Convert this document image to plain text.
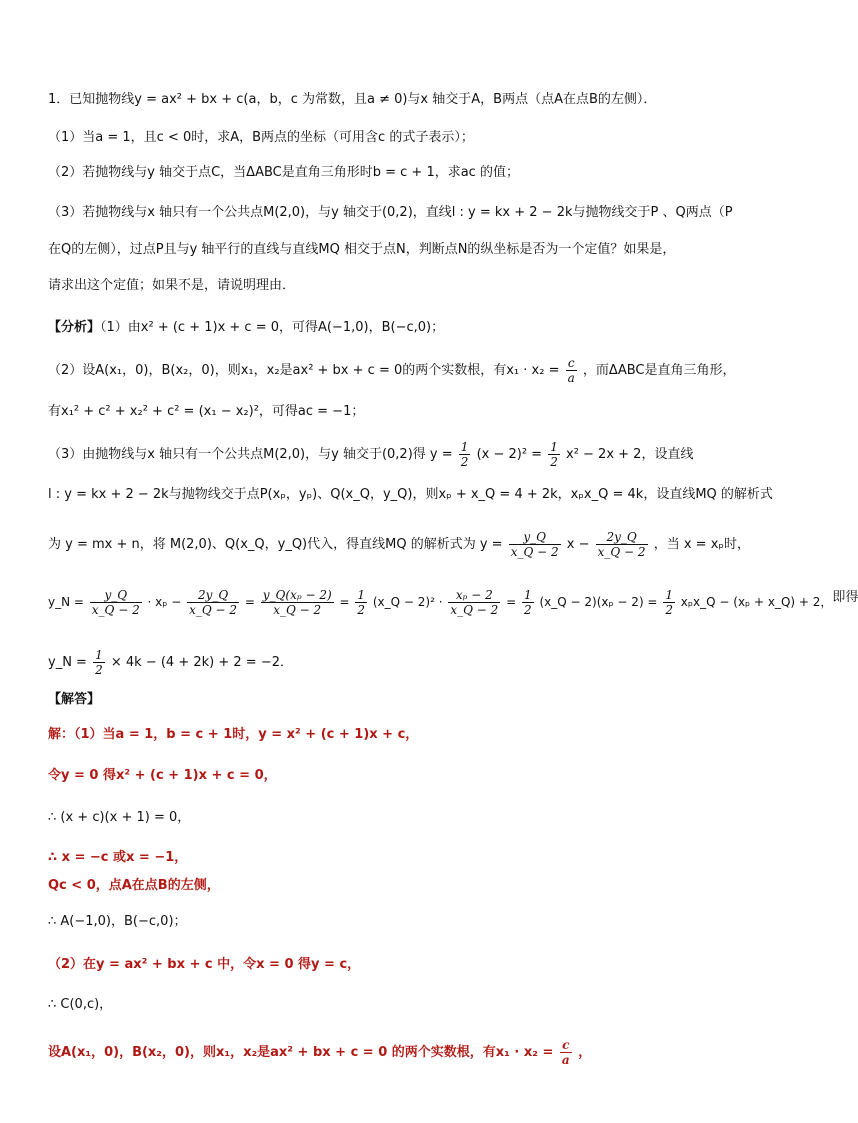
1．已知抛物线y = ax² + bx + c(a，b，c 为常数，且a ≠ 0)与x 轴交于A，B两点（点A在点B的左侧）．
（1）当a = 1，且c < 0时，求A，B两点的坐标（可用含c 的式子表示）；
（2）若抛物线与y 轴交于点C，当ΔABC是直角三角形时b = c + 1，求ac 的值；
（3）若抛物线与x 轴只有一个公共点M(2,0)，与y 轴交于(0,2)，直线l : y = kx + 2 − 2k与抛物线交于P 、Q两点（P
在Q的左侧），过点P且与y 轴平行的直线与直线MQ 相交于点N，判断点N的纵坐标是否为一个定值？如果是，
请求出这个定值；如果不是，请说明理由．
【分析】（1）由x² + (c + 1)x + c = 0，可得A(−1,0)，B(−c,0)；
（2）设A(x₁，0)，B(x₂，0)，则x₁，x₂是ax² + bx + c = 0的两个实数根，有$x_1 \cdot x_2 = \frac{c}{a}$ ，而ΔABC是直角三角形，
有x₁² + c² + x₂² + c² = (x₁ − x₂)²，可得ac = −1；
（3）由抛物线与x 轴只有一个公共点M(2,0)，与y 轴交于(0,2)得 $y = \frac{1}{2} (x - 2)^2 = \frac{1}{2} x^2 - 2x + 2$，设直线
l : y = kx + 2 − 2k与抛物线交于点P(xₚ，yₚ)、Q(x_Q，y_Q)，则xₚ + x_Q = 4 + 2k，xₚx_Q = 4k，设直线MQ 的解析式
为 y = mx + n，将 M(2,0)、Q(x_Q，y_Q)代入，得直线MQ 的解析式为 $y = \frac{y\_Q}{x\_Q - 2}$ $x - \frac{2y\_Q}{x\_Q - 2}$ ，当 x = xₚ时，
y_N = $\frac{y\_Q}{x\_Q - 2} \cdot x_p - \frac{2y\_Q}{x\_Q - 2} = \frac{\text{y\_Q(xₚ − 2)}}{x\_Q - 2} = \frac{1}{2}$ (x_Q − $2)^2 \cdot \frac{\text{xₚ − 2}}{x\_Q - 2} = \frac{1}{2}$ (x_Q − $2)(x_p - 2) = \frac{1}{2}$ xₚx_Q − (xₚ + x_Q) + 2， 即 得
y_N = $\frac{1}{2} \times 4k - (4 + 2k) + 2 = -2$．
【解答】
解：（1）当a = 1，b = c + 1时，y = x² + (c + 1)x + c，
令y = 0 得x² + (c + 1)x + c = 0，
∴ (x + c)(x + 1) = 0，
∴ x = −c 或x = −1，
Qc < 0，点A在点B的左侧，
∴ A(−1,0)，B(−c,0)；
（2）在y = ax² + bx + c 中，令x = 0 得y = c，
∴ C(0,c)，
设A(x₁，0)，B(x₂，0)，则x₁，x₂是ax² + bx + c = 0 的两个实数根，有$x_1 \cdot x_2 = \frac{c}{a}$ ，
